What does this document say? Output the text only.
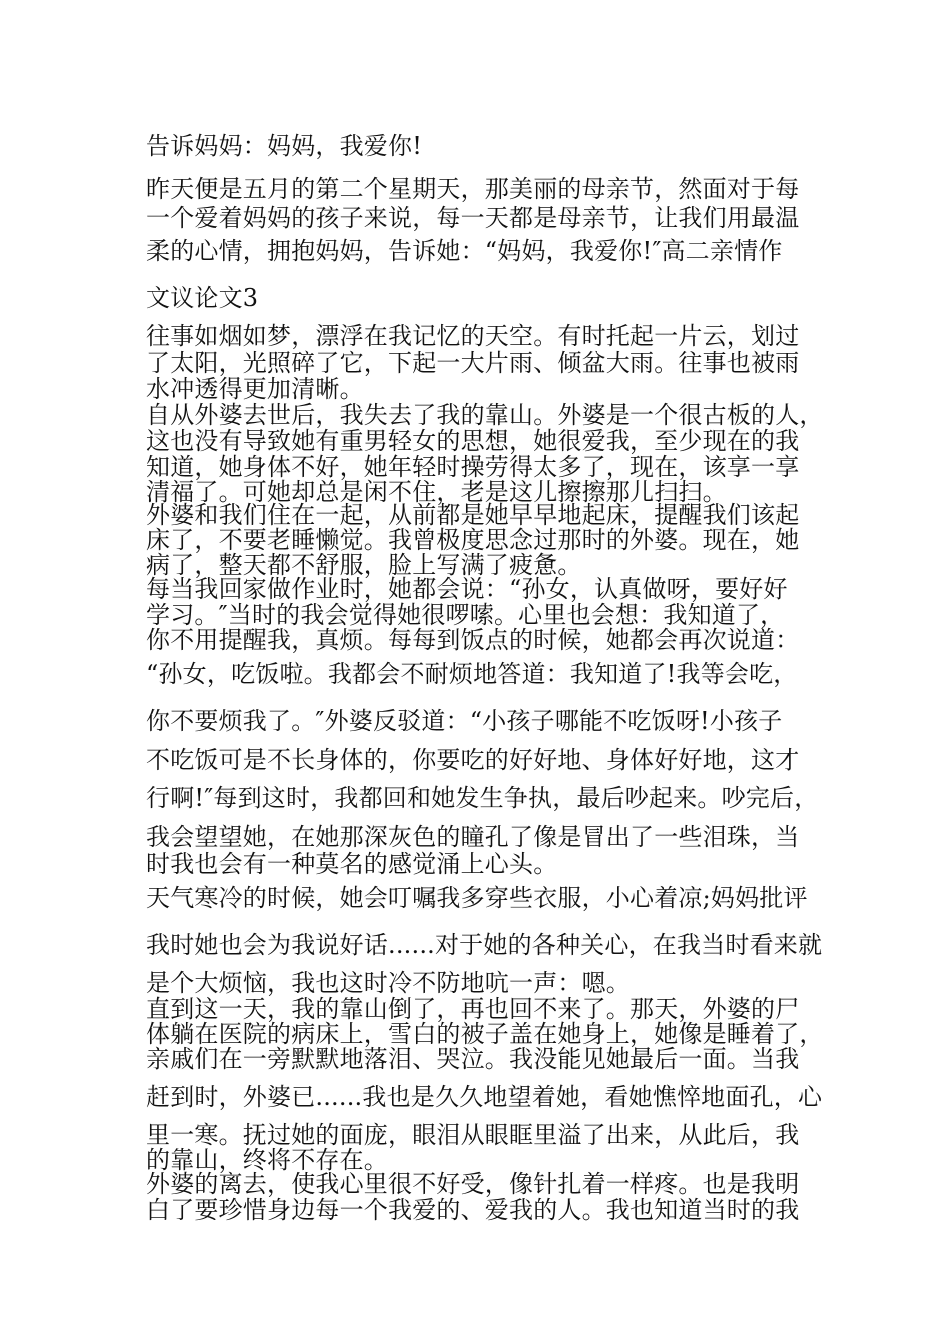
告诉妈妈：妈妈，我爱你!

昨天便是五月的第二个星期天，那美丽的母亲节，然面对于每

一个爱着妈妈的孩子来说，每一天都是母亲节，让我们用最温

柔的心情，拥抱妈妈，告诉她：“妈妈，我爱你!″高二亲情作

文议论文3

往事如烟如梦，漂浮在我记忆的天空。有时托起一片云，划过

了太阳，光照碎了它，下起一大片雨、倾盆大雨。往事也被雨

水冲透得更加清晰。

自从外婆去世后，我失去了我的靠山。外婆是一个很古板的人，

这也没有导致她有重男轻女的思想，她很爱我，至少现在的我

知道，她身体不好，她年轻时操劳得太多了，现在，该享一享

清福了。可她却总是闲不住，老是这儿擦擦那儿扫扫。

外婆和我们住在一起，从前都是她早早地起床，提醒我们该起

床了，不要老睡懒觉。我曾极度思念过那时的外婆。现在，她

病了，整天都不舒服，脸上写满了疲惫。

每当我回家做作业时，她都会说：“孙女，认真做呀，要好好

学习。″当时的我会觉得她很啰嗦。心里也会想：我知道了，

你不用提醒我，真烦。每每到饭点的时候，她都会再次说道：

“孙女，吃饭啦。我都会不耐烦地答道：我知道了!我等会吃，

你不要烦我了。″外婆反驳道：“小孩子哪能不吃饭呀!小孩子

不吃饭可是不长身体的，你要吃的好好地、身体好好地，这才

行啊!″每到这时，我都回和她发生争执，最后吵起来。吵完后，

我会望望她，在她那深灰色的瞳孔了像是冒出了一些泪珠，当

时我也会有一种莫名的感觉涌上心头。

天气寒冷的时候，她会叮嘱我多穿些衣服，小心着凉;妈妈批评

我时她也会为我说好话......对于她的各种关心，在我当时看来就

是个大烦恼，我也这时冷不防地吭一声：嗯。

直到这一天，我的靠山倒了，再也回不来了。那天，外婆的尸

体躺在医院的病床上，雪白的被子盖在她身上，她像是睡着了，

亲戚们在一旁默默地落泪、哭泣。我没能见她最后一面。当我

赶到时，外婆已......我也是久久地望着她，看她憔悴地面孔，心

里一寒。抚过她的面庞，眼泪从眼眶里溢了出来，从此后，我

的靠山，终将不存在。

外婆的离去，使我心里很不好受，像针扎着一样疼。也是我明

白了要珍惜身边每一个我爱的、爱我的人。我也知道当时的我
